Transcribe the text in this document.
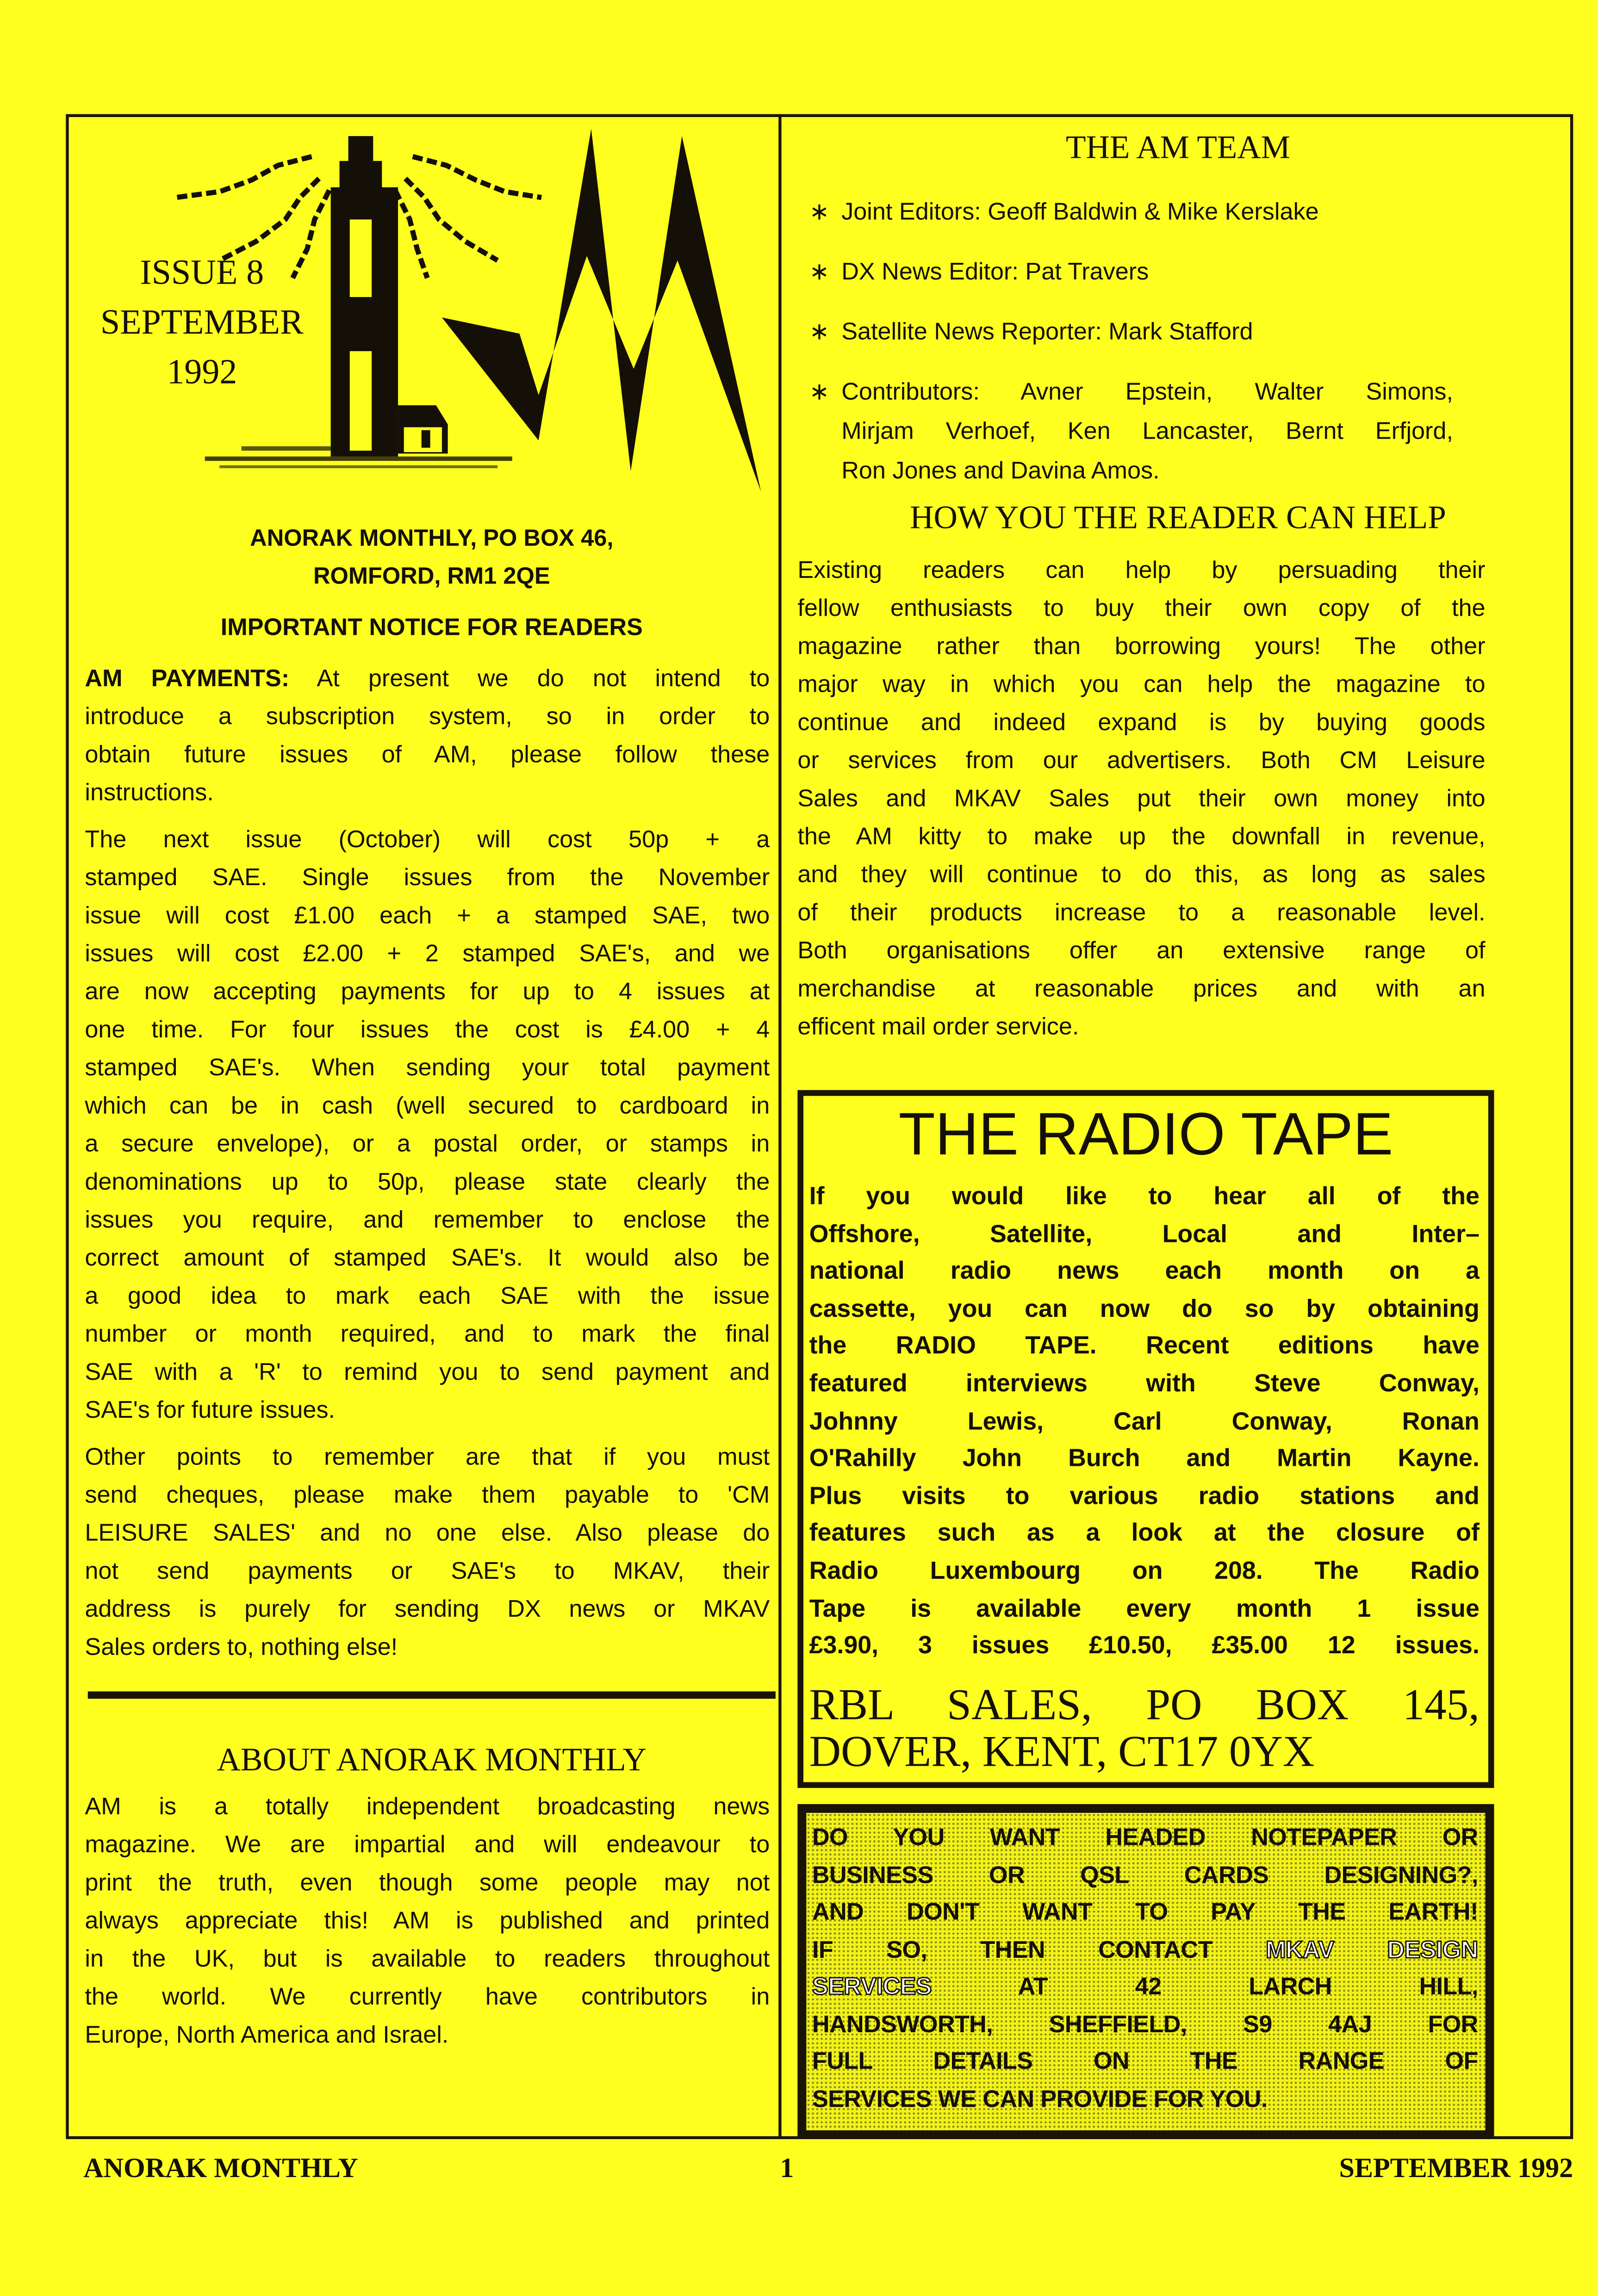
ISSUE 8
SEPTEMBER
1992
ANORAK MONTHLY, PO BOX 46,
ROMFORD, RM1 2QE
IMPORTANT NOTICE FOR READERS
AM PAYMENTS: At present we do not intend to
introduce a subscription system, so in order to
obtain future issues of AM, please follow these
instructions.
The next issue (October) will cost 50p + a
stamped SAE. Single issues from the November
issue will cost £1.00 each + a stamped SAE, two
issues will cost £2.00 + 2 stamped SAE's, and we
are now accepting payments for up to 4 issues at
one time. For four issues the cost is £4.00 + 4
stamped SAE's. When sending your total payment
which can be in cash (well secured to cardboard in
a secure envelope), or a postal order, or stamps in
denominations up to 50p, please state clearly the
issues you require, and remember to enclose the
correct amount of stamped SAE's. It would also be
a good idea to mark each SAE with the issue
number or month required, and to mark the final
SAE with a 'R' to remind you to send payment and
SAE's for future issues.
Other points to remember are that if you must
send cheques, please make them payable to 'CM
LEISURE SALES' and no one else. Also please do
not send payments or SAE's to MKAV, their
address is purely for sending DX news or MKAV
Sales orders to, nothing else!
ABOUT ANORAK MONTHLY
AM is a totally independent broadcasting news
magazine. We are impartial and will endeavour to
print the truth, even though some people may not
always appreciate this! AM is published and printed
in the UK, but is available to readers throughout
the world. We currently have contributors in
Europe, North America and Israel.
THE AM TEAM
∗ Joint Editors: Geoff Baldwin & Mike Kerslake
∗ DX News Editor: Pat Travers
∗ Satellite News Reporter: Mark Stafford
∗ Contributors: Avner Epstein, Walter Simons,
Mirjam Verhoef, Ken Lancaster, Bernt Erfjord,
Ron Jones and Davina Amos.
HOW YOU THE READER CAN HELP
Existing readers can help by persuading their
fellow enthusiasts to buy their own copy of the
magazine rather than borrowing yours! The other
major way in which you can help the magazine to
continue and indeed expand is by buying goods
or services from our advertisers. Both CM Leisure
Sales and MKAV Sales put their own money into
the AM kitty to make up the downfall in revenue,
and they will continue to do this, as long as sales
of their products increase to a reasonable level.
Both organisations offer an extensive range of
merchandise at reasonable prices and with an
efficent mail order service.
THE RADIO TAPE
If you would like to hear all of the
Offshore, Satellite, Local and Inter–
national radio news each month on a
cassette, you can now do so by obtaining
the RADIO TAPE. Recent editions have
featured interviews with Steve Conway,
Johnny Lewis, Carl Conway, Ronan
O'Rahilly John Burch and Martin Kayne.
Plus visits to various radio stations and
features such as a look at the closure of
Radio Luxembourg on 208. The Radio
Tape is available every month 1 issue
£3.90, 3 issues £10.50, £35.00 12 issues.
RBL SALES, PO BOX 145,
DOVER, KENT, CT17 0YX
DO YOU WANT HEADED NOTEPAPER OR
BUSINESS OR QSL CARDS DESIGNING?,
AND DON'T WANT TO PAY THE EARTH!
IF SO, THEN CONTACT MKAV DESIGN
SERVICES AT 42 LARCH HILL,
HANDSWORTH, SHEFFIELD, S9 4AJ FOR
FULL DETAILS ON THE RANGE OF
SERVICES WE CAN PROVIDE FOR YOU.
ANORAK MONTHLY	1	SEPTEMBER 1992
